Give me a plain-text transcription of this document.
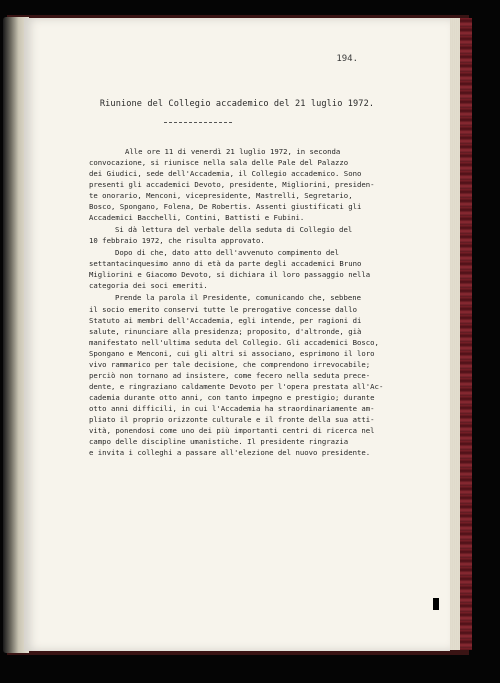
194.
Riunione del Collegio accademico del 21 luglio 1972.
Alle ore 11 di venerdì 21 luglio 1972, in seconda
convocazione, si riunisce nella sala delle Pale del Palazzo
dei Giudici, sede dell'Accademia, il Collegio accademico. Sono
presenti gli accademici Devoto, presidente, Migliorini, presiden-
te onorario, Menconi, vicepresidente, Mastrelli, Segretario,
Bosco, Spongano, Folena, De Robertis. Assenti giustificati gli
Accademici Bacchelli, Contini, Battisti e Fubini.
Si dà lettura del verbale della seduta di Collegio del
10 febbraio 1972, che risulta approvato.
Dopo di che, dato atto dell'avvenuto compimento del
settantacinquesimo anno di età da parte degli accademici Bruno
Migliorini e Giacomo Devoto, si dichiara il loro passaggio nella
categoria dei soci emeriti.
Prende la parola il Presidente, comunicando che, sebbene
il socio emerito conservi tutte le prerogative concesse dallo
Statuto ai membri dell'Accademia, egli intende, per ragioni di
salute, rinunciare alla presidenza; proposito, d'altronde, già
manifestato nell'ultima seduta del Collegio. Gli accademici Bosco,
Spongano e Menconi, cui gli altri si associano, esprimono il loro
vivo rammarico per tale decisione, che comprendono irrevocabile;
perciò non tornano ad insistere, come fecero nella seduta prece-
dente, e ringraziano caldamente Devoto per l'opera prestata all'Ac-
cademia durante otto anni, con tanto impegno e prestigio; durante
otto anni difficili, in cui l'Accademia ha straordinariamente am-
pliato il proprio orizzonte culturale e il fronte della sua atti-
vità, ponendosi come uno dei più importanti centri di ricerca nel
campo delle discipline umanistiche. Il presidente ringrazia
e invita i colleghi a passare all'elezione del nuovo presidente.
